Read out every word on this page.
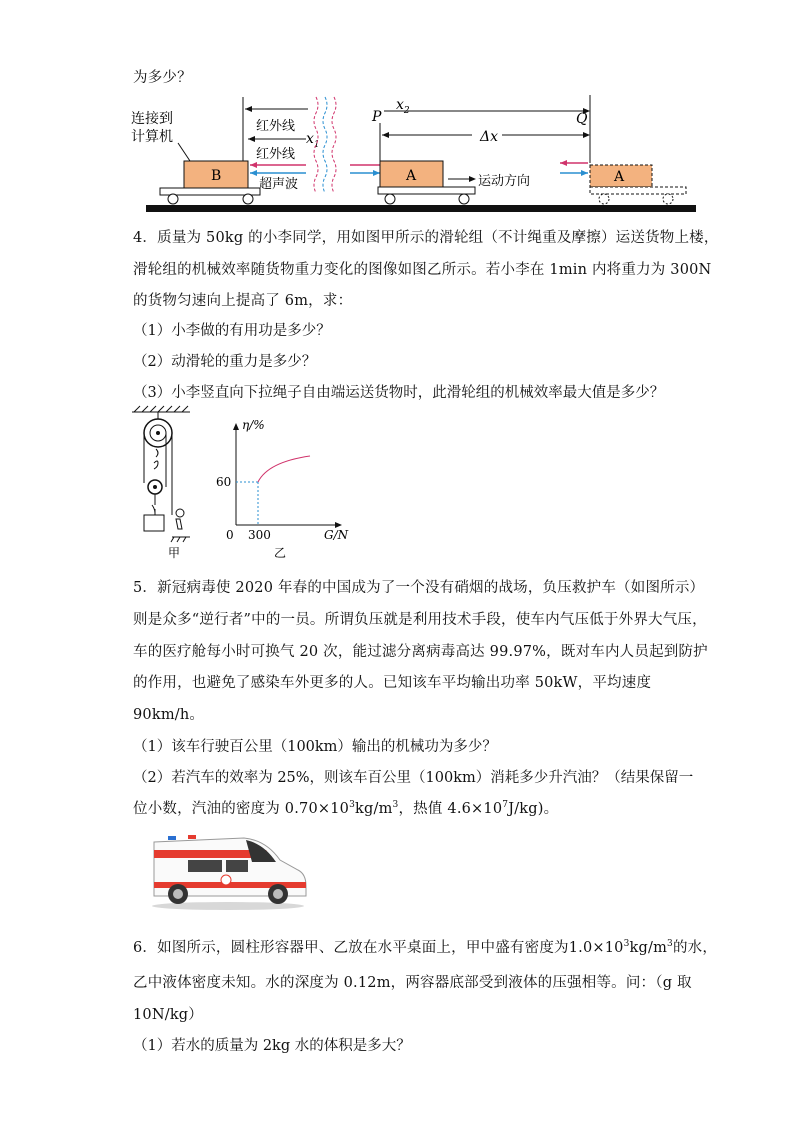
为多少？
B
连接到
计算机	$x_1$
红外线
红外线
超声波
P
A	运动方向
$x_2$
Δx
Q
A
4．质量为 50kg 的小李同学，用如图甲所示的滑轮组（不计绳重及摩擦）运送货物上楼，
滑轮组的机械效率随货物重力变化的图像如图乙所示。若小李在 1min 内将重力为 300N
的货物匀速向上提高了 6m，求：
（1）小李做的有用功是多少？
（2）动滑轮的重力是多少？
（3）小李竖直向下拉绳子自由端运送货物时，此滑轮组的机械效率最大值是多少？
甲
η/%
G/N
60
300
0
乙
5．新冠病毒使 2020 年春的中国成为了一个没有硝烟的战场，负压救护车（如图所示）
则是众多“逆行者”中的一员。所谓负压就是利用技术手段，使车内气压低于外界大气压，
车的医疗舱每小时可换气 20 次，能过滤分离病毒高达 99.97%，既对车内人员起到防护
的作用，也避免了感染车外更多的人。已知该车平均输出功率 50kW，平均速度
90km/h。
（1）该车行驶百公里（100km）输出的机械功为多少？
（2）若汽车的效率为 25%，则该车百公里（100km）消耗多少升汽油？（结果保留一
位小数，汽油的密度为 $0.70\times 10^3kg/m^3$，热值 $4.6\times 10^7J/kg$)。
6．如图所示，圆柱形容器甲、乙放在水平桌面上，甲中盛有密度为$1.0\times 10^3kg/m^3$的水，
乙中液体密度未知。水的深度为 0.12m，两容器底部受到液体的压强相等。问：（g 取
10N/kg）
（1）若水的质量为 2kg 水的体积是多大？
